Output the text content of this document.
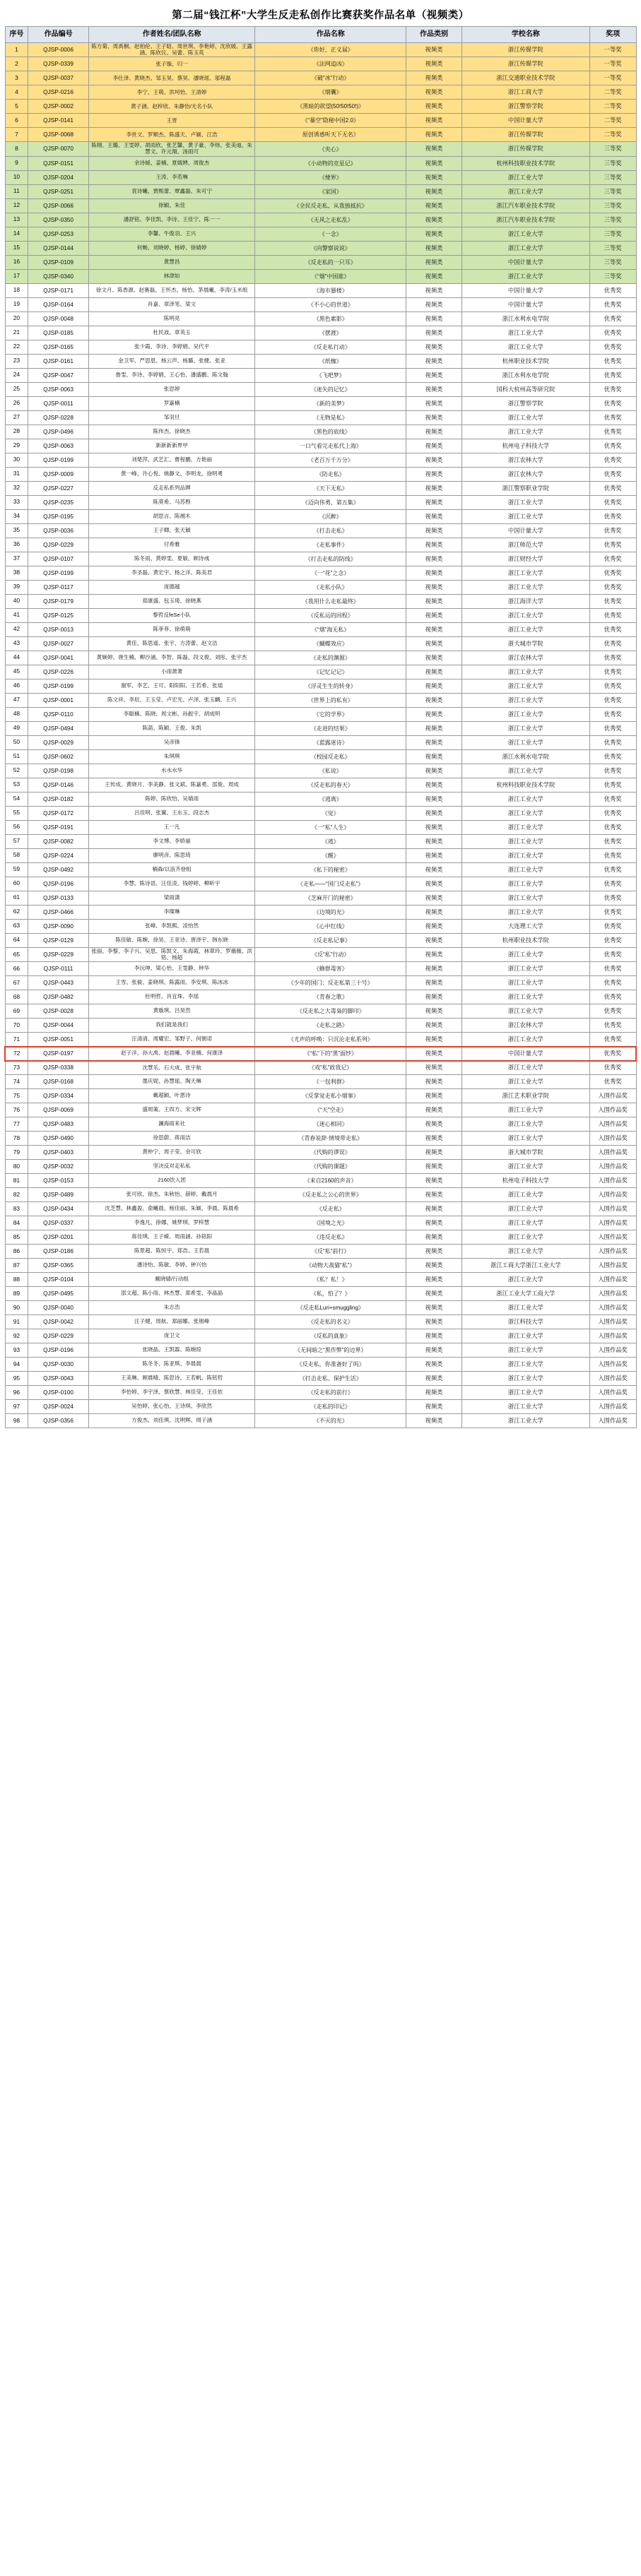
第二届“钱江杯”大学生反走私创作比赛获奖作品名单（视频类）
序号	作品编号	作者姓名/团队名称	作品名称	作品类别	学校名称	奖项
1	QJSP-0006	陈方菊、周禹桐、赵柏伦、王子晗、周世琪、李艳婷、沈欣媛、王露涵、陈欣仪、吴蕾、陈玉英	《你好，正义届》	视频类	浙江传媒学院	一等奖
2	QJSP-0339	张子璇、归一	《法网追凶》	视频类	浙江传媒学院	一等奖
3	QJSP-0037	李仕泽、黄晓杰、邹玉昊、蔡昊、潘晓瑶、邬程磊	《破“冰”行动》	视频类	浙江交通职业技术学院	一等奖
4	QJSP-0216	李宁、王萌、洪坷怡、王清婷	《烟囊》	视频类	浙江工商大学	二等奖
5	QJSP-0002	黄子涵、赵梓欣、朱静怡/无名小队	《黑暗的欲望(50!50!50!)》	视频类	浙江警察学院	二等奖
6	QJSP-0141	王晋	《“暴空”隐秘中国2.0》	视频类	中国计量大学	二等奖
7	QJSP-0068	李世文、罗顺杰、陈盛天、卢颖、江浩	原创诱惑听天下无名》	视频类	浙江传媒学院	二等奖
8	QJSP-0070	陈栩、王璐、王雯婷、胡雨欣、张艺馨、黄子豪、李炜、张美迪、朱慧文、许元翔、汤雨可	《夹心》	视频类	浙江传媒学院	三等奖
9	QJSP-0151	余诗媛、姜楠、夏嫣娉、周俊杰	《小动物的克星记》	视频类	杭州科技职业技术学院	三等奖
10	QJSP-0204	王涛、李若琳	《煙界》	视频类	浙江工业大学	三等奖
11	QJSP-0251	袁诗曦、贾熙蕾、覃鑫磊、朱可宁	《家国》	视频类	浙江工业大学	三等奖
12	QJSP-0066	徐颖、朱佳	《全民反走私、从我独抵抗》	视频类	浙江汽车职业技术学院	三等奖
13	QJSP-0350	潘舒铭、李佳凯、李诗、王佳宁、陈一一	《无风之走私乱》	视频类	浙江汽车职业技术学院	三等奖
14	QJSP-0253	李馨、牛俊羽、王兴	《一念》	视频类	浙江工业大学	三等奖
15	QJSP-0144	何畅、刘晓婷、杨婷、徐婧婷	《向警察说说》	视频类	浙江工业大学	三等奖
16	QJSP-0109	黄慧昌	《反走私的一只耳》	视频类	中国计量大学	三等奖
17	QJSP-0340	林津如	《“烟”中国谁》	视频类	浙江工业大学	三等奖
18	QJSP-0171	徐文月、陈香源、赵赛磊、王怀杰、杨怡、茅晨曦、李涛/玉米组	《海市蜃楼》	视频类	中国计量大学	优秀奖
19	QJSP-0164	肖嘉、章泽笔、梁文	《不小心的世道》	视频类	中国计量大学	优秀奖
20	QJSP-0048	陈明亮	《黑色素影》	视频类	浙江水利水电学院	优秀奖
21	QJSP-0185	杜民波、章英玉	《摆渡》	视频类	浙江工业大学	优秀奖
22	QJSP-0165	张少霞、李诗、李婷娟、吴代平	《反走私行动》	视频类	浙江工业大学	优秀奖
23	QJSP-0161	金卫军、严思思、杨云声、杨璐、张健、张亚	《纸枷》	视频类	杭州职业技术学院	优秀奖
24	QJSP-0047	鲁雯、李诗、李婷娟、王心怡、潘盛鹏、陈文翰	《飞吧梦》	视频类	浙江水利水电学院	优秀奖
25	QJSP-0063	张思婷	《迷失的记忆》	视频类	国科大杭州高等研究院	优秀奖
26	QJSP-0011	罗嘉楠	《新的美梦》	视频类	浙江警察学院	优秀奖
27	QJSP-0228	邹羽旦	《无物是私》	视频类	浙江工业大学	优秀奖
28	QJSP-0496	陈伟杰、徐晓杰	《黑色的底线》	视频类	浙江工业大学	优秀奖
29	QJSP-0063	新新新新界甲	一口气看完走私代上海》	视频类	杭州电子科技大学	优秀奖
30	QJSP-0199	刘楚萍、武艺汇、曹程鹏、方艳丽	《老百万千万分》	视频类	浙江农林大学	优秀奖
31	QJSP-0009	黄一峰、许心悦、姚静文、李明龙、徐明勇	《防走私》	视频类	浙江农林大学	优秀奖
32	QJSP-0227	反走私系列品牌	《天下无私》	视频类	浙江警察职业学院	优秀奖
33	QJSP-0235	陈莫希、马苏煦	《迈向伟勇、第五集》	视频类	浙江工业大学	优秀奖
34	QJSP-0195	胡思言、陈湘木	《沉醉》	视频类	浙江工业大学	优秀奖
35	QJSP-0036	王子卿、张天颖	《打击走私》	视频类	中国计量大学	优秀奖
36	QJSP-0229	付希雅	《走私事件》	视频类	浙江师范大学	优秀奖
37	QJSP-0107	陈冬雨、黄婷雯、夏敏、顾诗彧	《打击走私的防线》	视频类	浙江财经大学	优秀奖
38	QJSP-0199	李圣磊、黄宏宇、杨之洋、陈美君	《一“花”之念》	视频类	浙江工业大学	优秀奖
39	QJSP-0117	庞德越	《走私小队》	视频类	浙江工业大学	优秀奖
40	QJSP-0179	郑康盛、包玉琦、徐晓燕	《我用什么走私最终》	视频类	浙江海洋大学	优秀奖
41	QJSP-0125	黎哲反feSe小队	《反私运的回程》	视频类	浙江工业大学	优秀奖
42	QJSP-0013	陈菲菲、徐萌萌	《“烟”海无私》	视频类	浙江工业大学	优秀奖
43	QJSP-0027	黄佳、陈思遥、张宇、方涛蕾、赵文洁	《蝴蝶效应》	视频类	浙大城市学院	优秀奖
44	QJSP-0041	黄婉婷、唐生楠、柳沙涵、李智、陈磊、段文俊、刘彤、张宇杰	《走私的渊源》	视频类	浙江农林大学	优秀奖
45	QJSP-0226	小雨萧萧	《记忆记记》	视频类	浙江工业大学	优秀奖
46	QJSP-0199	谢军、李艺、王可、阳阳阳、王若希、张瑶	《浮灵生生的转身》	视频类	浙江工业大学	优秀奖
47	QJSP-0001	陈文祥、李辰、王玉莹、卢宏光、卢泽、张玉麟、王兴	《世界上的私有》	视频类	浙江工业大学	优秀奖
48	QJSP-0110	李聪楠、陈晓、周文彬、孙振宇、胡成明	《它的学界》	视频类	浙江工业大学	优秀奖
49	QJSP-0494	陈菡、陈颖、王俊、朱凯	《走进的结果》	视频类	浙江工业大学	优秀奖
50	QJSP-0029	吴彦锋	《蓝露迷诗》	视频类	浙江工业大学	优秀奖
51	QJSP-0602	朱琪琪	《校园反走私》	视频类	浙江水利水电学院	优秀奖
52	QJSP-0198	水水水华	《私说》	视频类	浙江工业大学	优秀奖
53	QJSP-0146	王传成、黄晓月、李美静、张文斌、陈嘉勇、邵俊、周成	《反走私的春天》	视频类	杭州科技职业技术学院	优秀奖
54	QJSP-0182	陈婷、陈欣怡、吴婧雨	《逃离》	视频类	浙江工业大学	优秀奖
55	QJSP-0172	吕佳明、张翼、王东玉、段志杰	《觉》	视频类	浙江工业大学	优秀奖
56	QJSP-0191	王一凡	《一“私”人生》	视频类	浙江工业大学	优秀奖
57	QJSP-0082	李文博、李娇丽	《逃》	视频类	浙江工业大学	优秀奖
58	QJSP-0224	廖明彦、陈思琦	《醒》	视频类	浙江工业大学	优秀奖
59	QJSP-0492	楠森/以浪齐登组	《私下的秘密》	视频类	浙江工业大学	优秀奖
60	QJSP-0196	李慧、陈诗语、汪佳凌、钱婷婷、柳昕宇	《走私——“国门反走私”》	视频类	浙江工业大学	优秀奖
61	QJSP-0133	梁雨潇	《芝麻开门的秘密》	视频类	浙江工业大学	优秀奖
62	QJSP-0466	李璨琳	《边境的光》	视频类	浙江工业大学	优秀奖
63	QJSP-0090	张峰、李凯熙、凌怡然	《心中红线》	视频类	大连理工大学	优秀奖
64	QJSP-0129	陈佳敏、陈婉、徐昊、王亚诗、唐泽宇、韩东晓	《反走私记事》	视频类	杭州职业技术学院	优秀奖
65	QJSP-0229	张丽、李黎、李子兴、吴思、陈凯文、朱海霞、林翠玲、罗薇薇、洪铭、杨超	《反“私”行动》	视频类	浙江工业大学	优秀奖
66	QJSP-0111	李沅坤、梁心怡、王雯静、钟华	《蜂群毒害》	视频类	浙江工业大学	优秀奖
67	QJSP-0443	王雪、张毅、姜晓琪、陈露雨、李安琪、陈冰冰	《少年的国门：反走私第三十号》	视频类	浙江工业大学	优秀奖
68	QJSP-0482	杜明哲、肖宜珠、李瑶	《青春之歌》	视频类	浙江工业大学	优秀奖
69	QJSP-0028	黄璇琪、吕昊然	《反走私之大毒枭的脚印》	视频类	浙江工业大学	优秀奖
70	QJSP-0044	我们就是我们	《走私之路》	视频类	浙江农林大学	优秀奖
71	QJSP-0051	汪清清、周耀宏、邹野子、何朝诺	《尤声的呼唤：只沉沦走私系列》	视频类	浙江工业大学	优秀奖
72	QJSP-0197	赵子洋、孙大禹、赵晨曦、李亚楠、何康泽	《“私”下的“黑”面纱》	视频类	中国计量大学	优秀奖
73	QJSP-0338	沈慧乐、石大成、张宇航	《戏“私”政我记》	视频类	浙江工业大学	优秀奖
74	QJSP-0168	墨庆妮、孙慧瑶、陶天琳	《一包利群》	视频类	浙江工业大学	优秀奖
75	QJSP-0334	戴超颖、叶恩诗	《反掌觉走私小烟事》	视频类	浙江艺术职业学院	入围作品奖
76	QJSP-0069	盛周策、王四方、宋文辉	《“天”空走》	视频类	浙江工业大学	入围作品奖
77	QJSP-0483	澜海雨来社	《迷心相同》	视频类	浙江工业大学	入围作品奖
78	QJSP-0490	徐思蔚、蒋雨洁	《青春说辞·情境带走私》	视频类	浙江工业大学	入围作品奖
79	QJSP-0403	黄仲宁、周子莹、余可欣	《代购的谬误》	视频类	浙大城市学院	入围作品奖
80	QJSP-0032	坚决反对走私私	《代购的课题》	视频类	浙江工业大学	入围作品奖
81	QJSP-0153	2160饮入团	《来自2160的声音》	视频类	杭州电子科技大学	入围作品奖
82	QJSP-0489	张可欣、徐杰、朱秋怡、薛婷、戴晨月	《反走私之公心的世界》	视频类	浙江工业大学	入围作品奖
83	QJSP-0434	沈芝慧、林鑫盈、俞曦晨、杨佳丽、朱颖、李晨、陈晨希	《反走私》	视频类	浙江工业大学	入围作品奖
84	QJSP-0337	李逸凡、徐娜、姚梦琪、罗梓慧	《国境之光》	视频类	浙江工业大学	入围作品奖
85	QJSP-0201	蒋佳琪、王子嵘、周雨涵、孙铭阳	《违反走私》	视频类	浙江工业大学	入围作品奖
86	QJSP-0186	陈景超、陈恒宇、郑浩、王若晨	《反“私”前行》	视频类	浙江工业大学	入围作品奖
87	QJSP-0365	潘诗怡、陈敏、李婷、钟兴怡	《动物大战猫“私”》	视频类	浙江工商大学浙江工业大学	入围作品奖
88	QJSP-0104	戴晓婧/行动组	《私？私！》	视频类	浙江工业大学	入围作品奖
89	QJSP-0495	邵文超、陈小雨、林杰慧、郑希雯、李晶晶	《私，怕了？》	视频类	浙江工业大学工商大学	入围作品奖
90	QJSP-0040	朱志浩	《反走私Luri+smuggling》	视频类	浙江工业大学	入围作品奖
91	QJSP-0042	汪子健、周航、郑丽娜、张朋峰	《反走私的名义》	视频类	浙江科技大学	入围作品奖
92	QJSP-0229	庞卫文	《反私的真象》	视频类	浙江工业大学	入围作品奖
93	QJSP-0196	张晓晶、王凯霖、陈婉琼	《无间暗之“黑作弊”的边界》	视频类	浙江工业大学	入围作品奖
94	QJSP-0030	陈冬冬、陈亚琪、李晨晨	《反走私，你准备好了吗》	视频类	浙江工业大学	入围作品奖
95	QJSP-0043	王美琳、顾晨晴、陈思诗、王若帆、陈铭哲	《打击走私、保护生活》	视频类	浙江工业大学	入围作品奖
96	QJSP-0100	李怡婷、李宇泽、蔡欣慧、林佳莹、王佳依	《反走私的前行》	视频类	浙江工业大学	入围作品奖
97	QJSP-0024	吴怡婷、张心怡、王诗琪、李欣然	《走私的印记》	视频类	浙江工业大学	入围作品奖
98	QJSP-0356	方俊杰、刘佳琪、沈明辉、周子涵	《不灭的光》	视频类	浙江工业大学	入围作品奖
